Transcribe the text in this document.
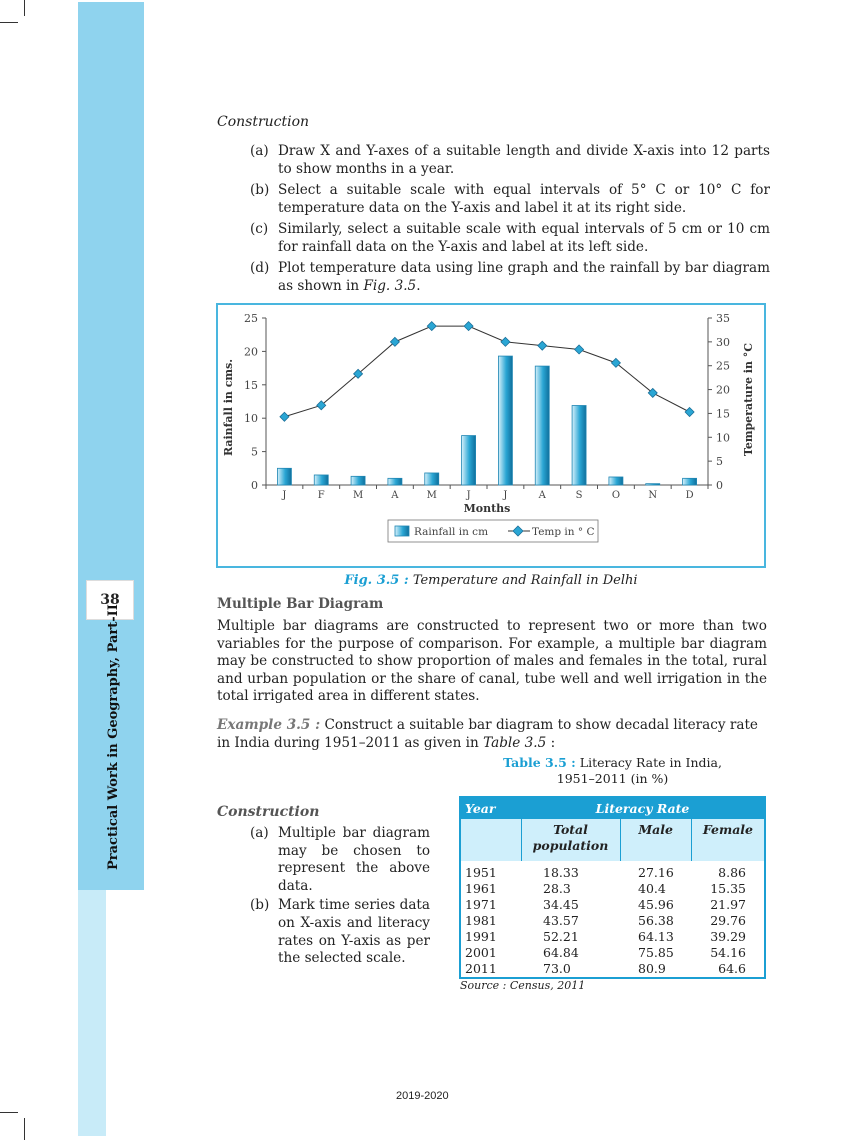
38
Practical Work in Geography, Part-II
Construction
(a) Draw X and Y-axes of a suitable length and divide X-axis into 12 parts to show months in a year.
(b) Select a suitable scale with equal intervals of 5° C or 10° C for temperature data on the Y-axis and label it at its right side.
(c) Similarly, select a suitable scale with equal intervals of 5 cm or 10 cm for rainfall data on the Y-axis and label at its left side.
(d) Plot temperature data using line graph and the rainfall by bar diagram as shown in Fig. 3.5.
0
5
10
15
20
25
0
5
10
15
20
25
30
35
J	F	M	A	M	J	J	A	S	O	N	D
Rainfall in cms.	Temperature in °C
Months
Rainfall in cm	Temp in ° C
Fig. 3.5 : Temperature and Rainfall in Delhi
Multiple Bar Diagram

Multiple bar diagrams are constructed to represent two or more than two variables for the purpose of comparison. For example, a multiple bar diagram may be constructed to show proportion of males and females in the total, rural and urban population or the share of canal, tube well and well irrigation in the total irrigated area in different states.

Example 3.5 : Construct a suitable bar diagram to show decadal literacy rate in India during 1951–2011 as given in Table 3.5 :

Table 3.5 : Literacy Rate in India,
1951–2011 (in %)
Construction
(a) Multiple bar diagram may be chosen to represent the above data.
(b) Mark time series data on X-axis and literacy rates on Y-axis as per the selected scale.
Year	Literacy Rate		
	Total population	Male	Female
1951	18.33	27.16	8.86
1961	28.3	40.4	15.35
1971	34.45	45.96	21.97
1981	43.57	56.38	29.76
1991	52.21	64.13	39.29
2001	64.84	75.85	54.16
2011	73.0	80.9	64.6
Source : Census, 2011
2019-2020
